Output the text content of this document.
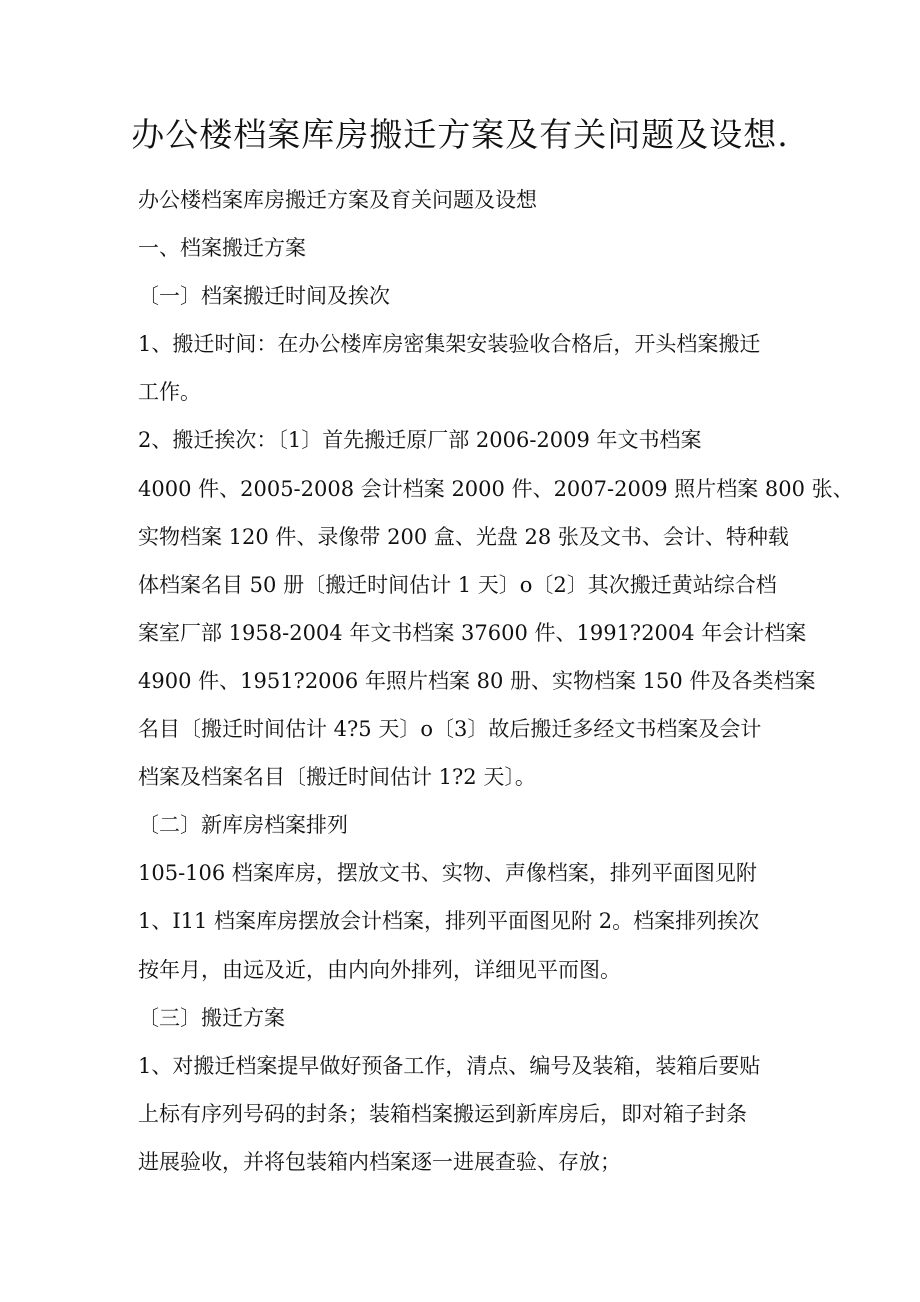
办公楼档案库房搬迁方案及有关问题及设想.

办公楼档案库房搬迁方案及育关问题及设想

一、档案搬迁方案

〔一〕档案搬迁时间及挨次

1、搬迁时间：在办公楼库房密集架安装验收合格后，开头档案搬迁

工作。

2、搬迁挨次：〔1〕首先搬迁原厂部 2006-2009 年文书档案

4000 件、2005-2008 会计档案 2000 件、2007-2009 照片档案 800 张、

实物档案 120 件、录像带 200 盒、光盘 28 张及文书、会计、特种载

体档案名目 50 册〔搬迁时间估计 1 天〕o〔2〕其次搬迁黄站综合档

案室厂部 1958-2004 年文书档案 37600 件、1991?2004 年会计档案

4900 件、1951?2006 年照片档案 80 册、实物档案 150 件及各类档案

名目〔搬迁时间估计 4?5 天〕o〔3〕故后搬迁多经文书档案及会计

档案及档案名目〔搬迁时间估计 1?2 天〕。

〔二〕新库房档案排列

105-106 档案库房，摆放文书、实物、声像档案，排列平面图见附

1、I11 档案库房摆放会计档案，排列平面图见附 2。档案排列挨次

按年月，由远及近，由内向外排列，详细见平而图。

〔三〕搬迁方案

1、对搬迁档案提早做好预备工作，清点、编号及装箱，装箱后要贴

上标有序列号码的封条；装箱档案搬运到新库房后，即对箱子封条

进展验收，并将包装箱内档案逐一进展查验、存放；
